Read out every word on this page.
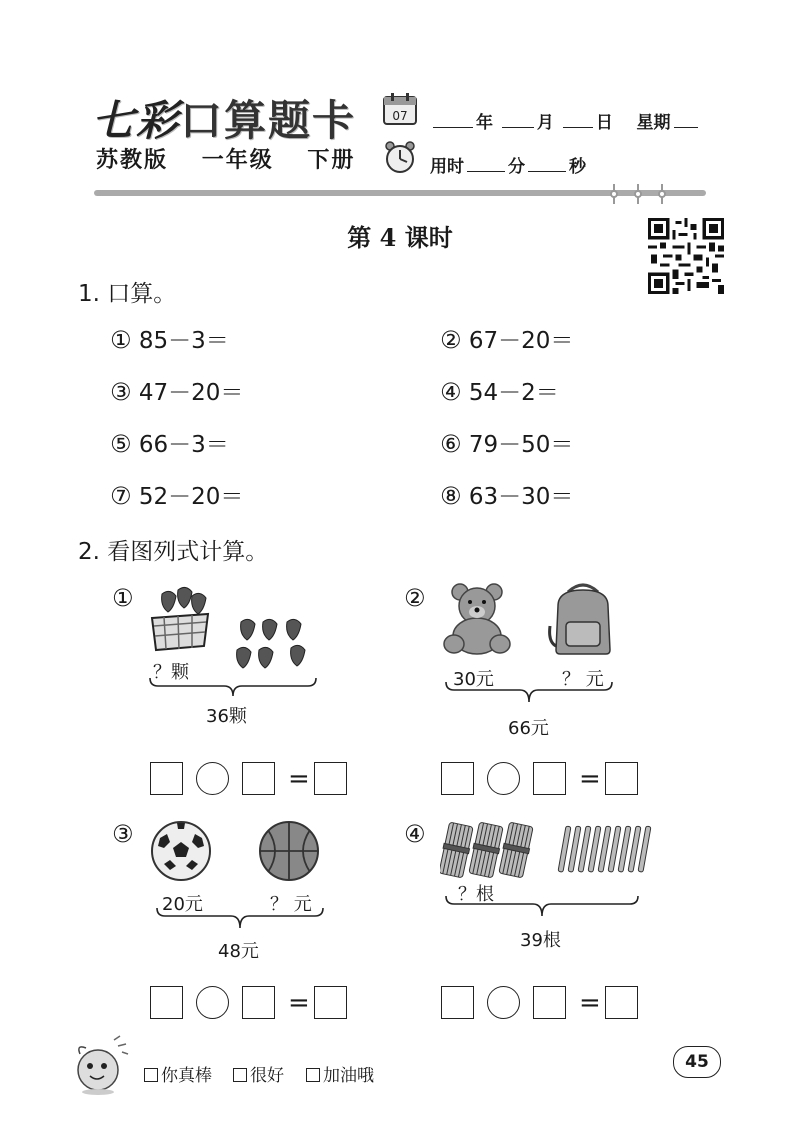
七彩口算题卡
苏教版 一年级 下册
07	年	月 日 星期
用时	分	秒
第 4 课时
1. 口算。
① 85－3＝	② 67－20＝
③ 47－20＝	④ 54－2＝
⑤ 66－3＝	⑥ 79－50＝
⑦ 52－20＝	⑧ 63－30＝
2. 看图列式计算。
①
？颗
36颗
=
②
30元	？ 元
66元
=
③
20元	？ 元
48元
=
④
？根
39根
=
你真棒	很好	加油哦
45
